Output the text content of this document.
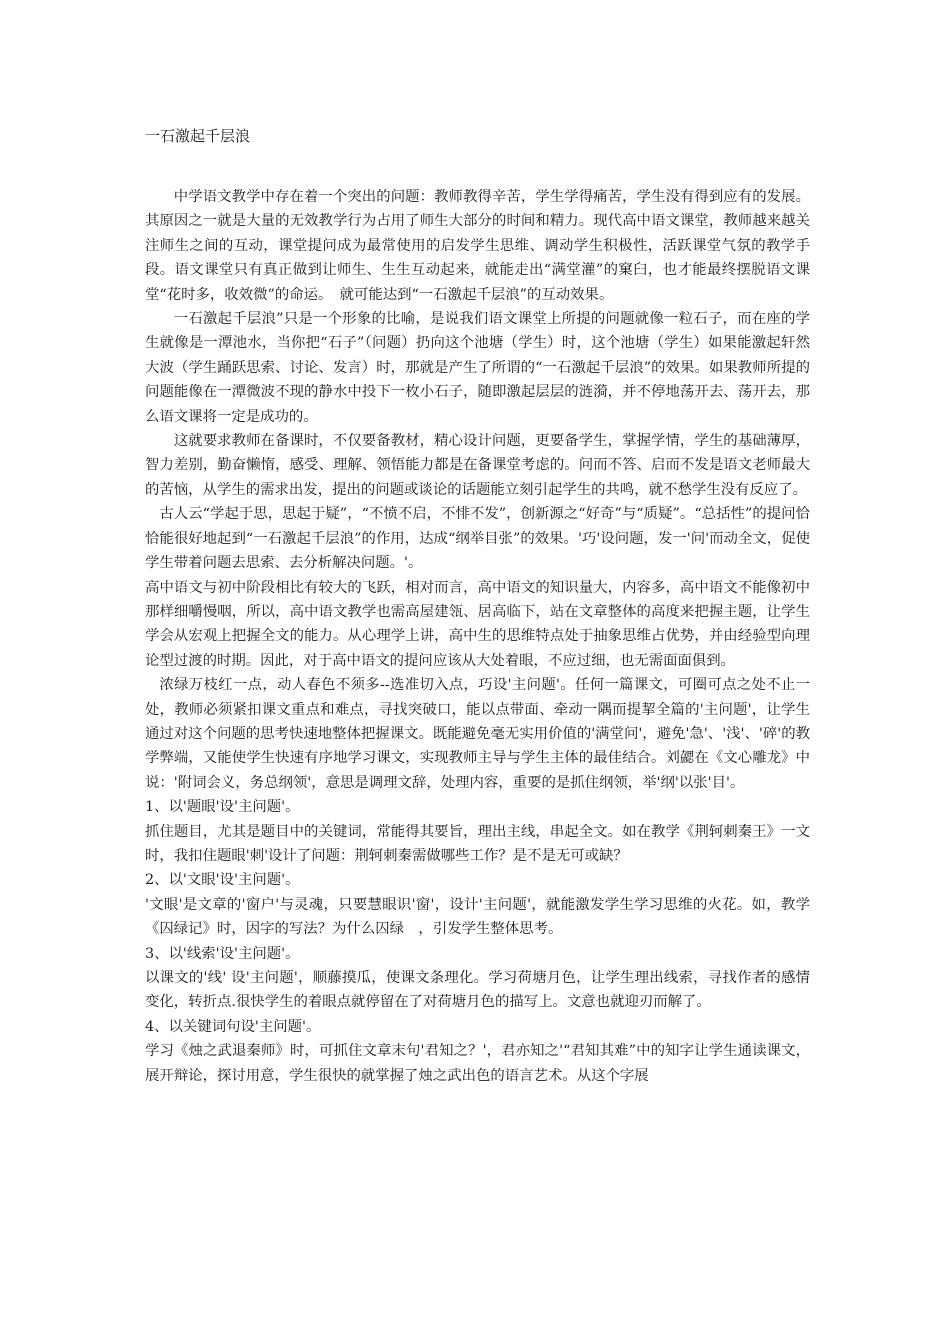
一石激起千层浪

中学语文教学中存在着一个突出的问题：教师教得辛苦，学生学得痛苦，学生没有得到应有的发展。其原因之一就是大量的无效教学行为占用了师生大部分的时间和精力。现代高中语文课堂，教师越来越关注师生之间的互动，课堂提问成为最常使用的启发学生思维、调动学生积极性，活跃课堂气氛的教学手段。语文课堂只有真正做到让师生、生生互动起来，就能走出“满堂灌”的窠臼，也才能最终摆脱语文课堂“花时多，收效微”的命运。　就可能达到“一石激起千层浪”的互动效果。

一石激起千层浪”只是一个形象的比喻，是说我们语文课堂上所提的问题就像一粒石子，而在座的学生就像是一潭池水，当你把“石子”（问题）扔向这个池塘（学生）时，这个池塘（学生）如果能激起轩然大波（学生踊跃思索、讨论、发言）时，那就是产生了所谓的“一石激起千层浪”的效果。如果教师所提的问题能像在一潭微波不现的静水中投下一枚小石子，随即激起层层的涟漪，并不停地荡开去、荡开去，那么语文课将一定是成功的。

这就要求教师在备课时，不仅要备教材，精心设计问题，更要备学生，掌握学情，学生的基础薄厚，智力差别，勤奋懒惰，感受、理解、领悟能力都是在备课堂考虑的。问而不答、启而不发是语文老师最大的苦恼，从学生的需求出发，提出的问题或谈论的话题能立刻引起学生的共鸣，就不愁学生没有反应了。

古人云“学起于思，思起于疑”，“不愤不启，不悱不发”，创新源之“好奇”与“质疑”。“总括性”的提问恰恰能很好地起到“一石激起千层浪”的作用，达成“纲举目张”的效果。'巧'设问题，发一'问'而动全文，促使学生带着问题去思索、去分析解决问题。'。

高中语文与初中阶段相比有较大的飞跃，相对而言，高中语文的知识量大，内容多，高中语文不能像初中那样细嚼慢咽，所以，高中语文教学也需高屋建瓴、居高临下，站在文章整体的高度来把握主题，让学生学会从宏观上把握全文的能力。从心理学上讲，高中生的思维特点处于抽象思维占优势，并由经验型向理论型过渡的时期。因此，对于高中语文的提问应该从大处着眼，不应过细，也无需面面俱到。

浓绿万枝红一点，动人春色不须多--选准切入点，巧设'主问题'。任何一篇课文，可圈可点之处不止一处，教师必须紧扣课文重点和难点，寻找突破口，能以点带面、牵动一隅而提挈全篇的'主问题'，让学生通过对这个问题的思考快速地整体把握课文。既能避免毫无实用价值的'满堂问'，避免'急'、'浅'、'碎'的教学弊端，又能使学生快速有序地学习课文，实现教师主导与学生主体的最佳结合。刘勰在《文心雕龙》中说：'附词会义，务总纲领'，意思是调理文辞，处理内容，重要的是抓住纲领，举'纲'以张'目'。

1、以'题眼'设'主问题'。

抓住题目，尤其是题目中的关键词，常能得其要旨，理出主线，串起全文。如在教学《荆轲刺秦王》一文时，我扣住题眼'刺'设计了问题：荆轲刺秦需做哪些工作？是不是无可或缺？

2、以'文眼'设'主问题'。

'文眼'是文章的'窗户'与灵魂，只要慧眼识'窗'，设计'主问题'，就能激发学生学习思维的火花。如，教学《囚绿记》时，因字的写法？为什么囚绿　，引发学生整体思考。

3、以'线索'设'主问题'。

以课文的'线' 设'主问题'，顺藤摸瓜，使课文条理化。学习荷塘月色，让学生理出线索，寻找作者的感情变化，转折点.很快学生的着眼点就停留在了对荷塘月色的描写上。文意也就迎刃而解了。

4、以关键词句设'主问题'。

学习《烛之武退秦师》时，可抓住文章末句'君知之？'，君亦知之'“君知其难”中的知字让学生通读课文，展开辩论，探讨用意，学生很快的就掌握了烛之武出色的语言艺术。从这个字展
